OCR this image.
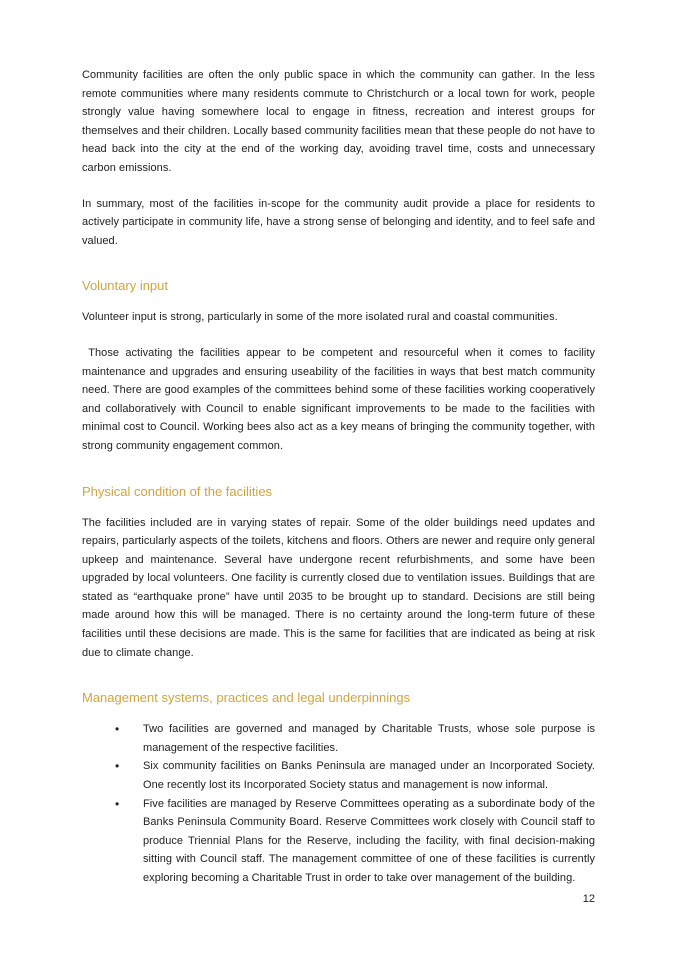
Community facilities are often the only public space in which the community can gather. In the less remote communities where many residents commute to Christchurch or a local town for work, people strongly value having somewhere local to engage in fitness, recreation and interest groups for themselves and their children. Locally based community facilities mean that these people do not have to head back into the city at the end of the working day, avoiding travel time, costs and unnecessary carbon emissions.

In summary, most of the facilities in-scope for the community audit provide a place for residents to actively participate in community life, have a strong sense of belonging and identity, and to feel safe and valued.

Voluntary input

Volunteer input is strong, particularly in some of the more isolated rural and coastal communities.

Those activating the facilities appear to be competent and resourceful when it comes to facility maintenance and upgrades and ensuring useability of the facilities in ways that best match community need. There are good examples of the committees behind some of these facilities working cooperatively and collaboratively with Council to enable significant improvements to be made to the facilities with minimal cost to Council. Working bees also act as a key means of bringing the community together, with strong community engagement common.

Physical condition of the facilities

The facilities included are in varying states of repair. Some of the older buildings need updates and repairs, particularly aspects of the toilets, kitchens and floors. Others are newer and require only general upkeep and maintenance. Several have undergone recent refurbishments, and some have been upgraded by local volunteers. One facility is currently closed due to ventilation issues. Buildings that are stated as “earthquake prone” have until 2035 to be brought up to standard. Decisions are still being made around how this will be managed. There is no certainty around the long-term future of these facilities until these decisions are made. This is the same for facilities that are indicated as being at risk due to climate change.

Management systems, practices and legal underpinnings
• Two facilities are governed and managed by Charitable Trusts, whose sole purpose is management of the respective facilities.
• Six community facilities on Banks Peninsula are managed under an Incorporated Society. One recently lost its Incorporated Society status and management is now informal.
• Five facilities are managed by Reserve Committees operating as a subordinate body of the Banks Peninsula Community Board. Reserve Committees work closely with Council staff to produce Triennial Plans for the Reserve, including the facility, with final decision-making sitting with Council staff. The management committee of one of these facilities is currently exploring becoming a Charitable Trust in order to take over management of the building.
12
